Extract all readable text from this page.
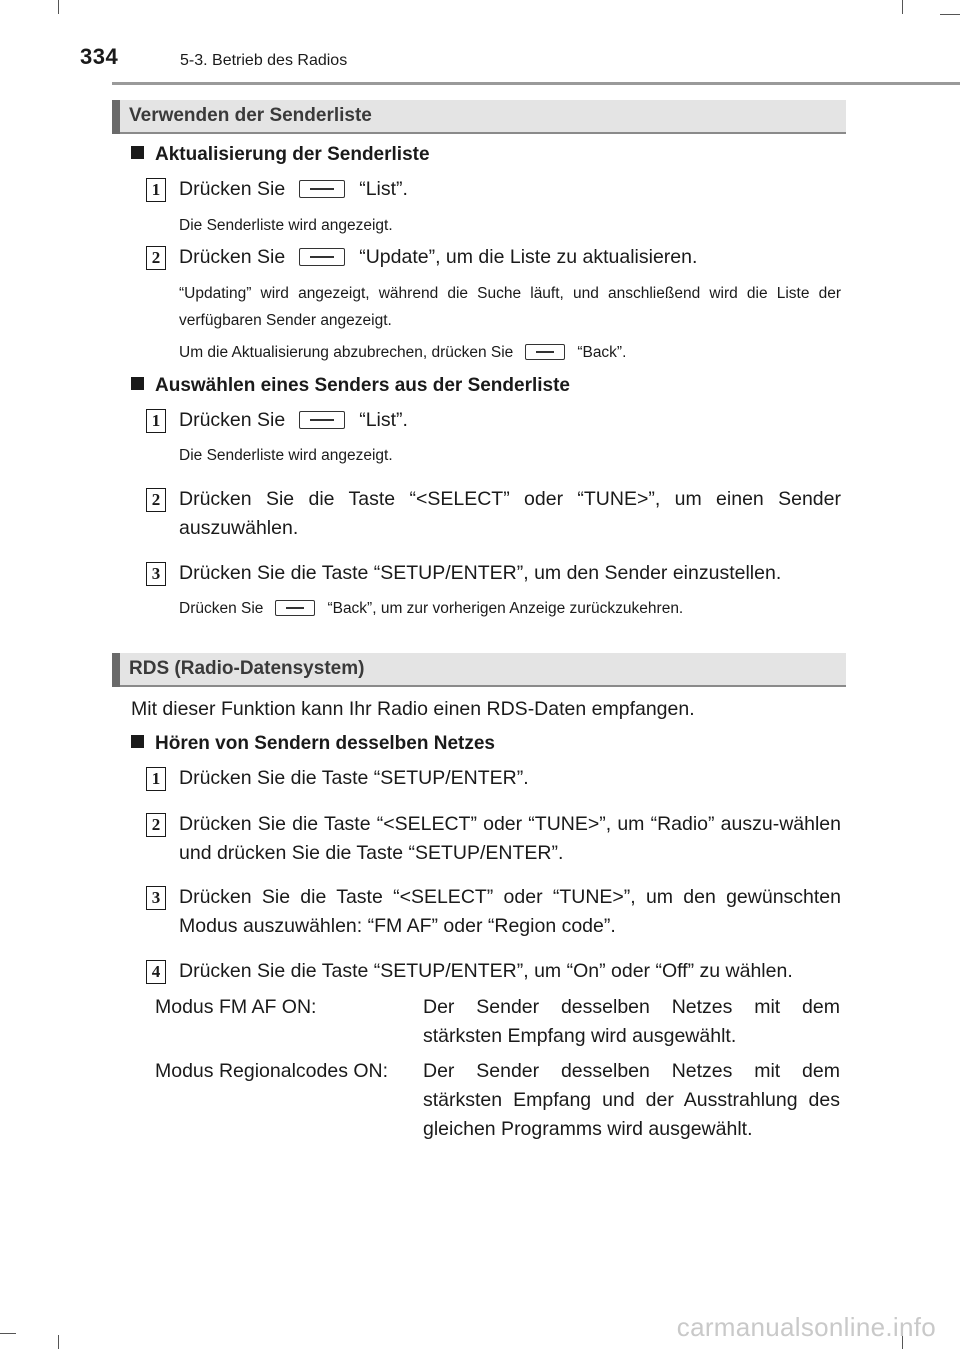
334	5-3. Betrieb des Radios
Verwenden der Senderliste
Aktualisierung der Senderliste
1 Drücken Sie	“List”.
Die Senderliste wird angezeigt.
2 Drücken Sie	“Update”, um die Liste zu aktualisieren.
“Updating” wird angezeigt, während die Suche läuft, und anschließend wird die Liste der verfügbaren Sender angezeigt.
Um die Aktualisierung abzubrechen, drücken Sie	“Back”.
Auswählen eines Senders aus der Senderliste
1 Drücken Sie	“List”.
Die Senderliste wird angezeigt.
2 Drücken Sie die Taste “<SELECT” oder “TUNE>”, um einen Sender auszuwählen.
3 Drücken Sie die Taste “SETUP/ENTER”, um den Sender einzustellen.
Drücken Sie	“Back”, um zur vorherigen Anzeige zurückzukehren.
RDS (Radio-Datensystem)
Mit dieser Funktion kann Ihr Radio einen RDS-Daten empfangen.
Hören von Sendern desselben Netzes
1 Drücken Sie die Taste “SETUP/ENTER”.
2 Drücken Sie die Taste “<SELECT” oder “TUNE>”, um “Radio” auszu-wählen und drücken Sie die Taste “SETUP/ENTER”.
3 Drücken Sie die Taste “<SELECT” oder “TUNE>”, um den gewünschten Modus auszuwählen: “FM AF” oder “Region code”.
4 Drücken Sie die Taste “SETUP/ENTER”, um “On” oder “Off” zu wählen.
Modus FM AF ON:	Der Sender desselben Netzes mit dem stärksten Empfang wird ausgewählt.
Modus Regionalcodes ON: Der Sender desselben Netzes mit dem stärksten Empfang und der Ausstrahlung des gleichen Programms wird ausgewählt.
carmanualsonline.info
